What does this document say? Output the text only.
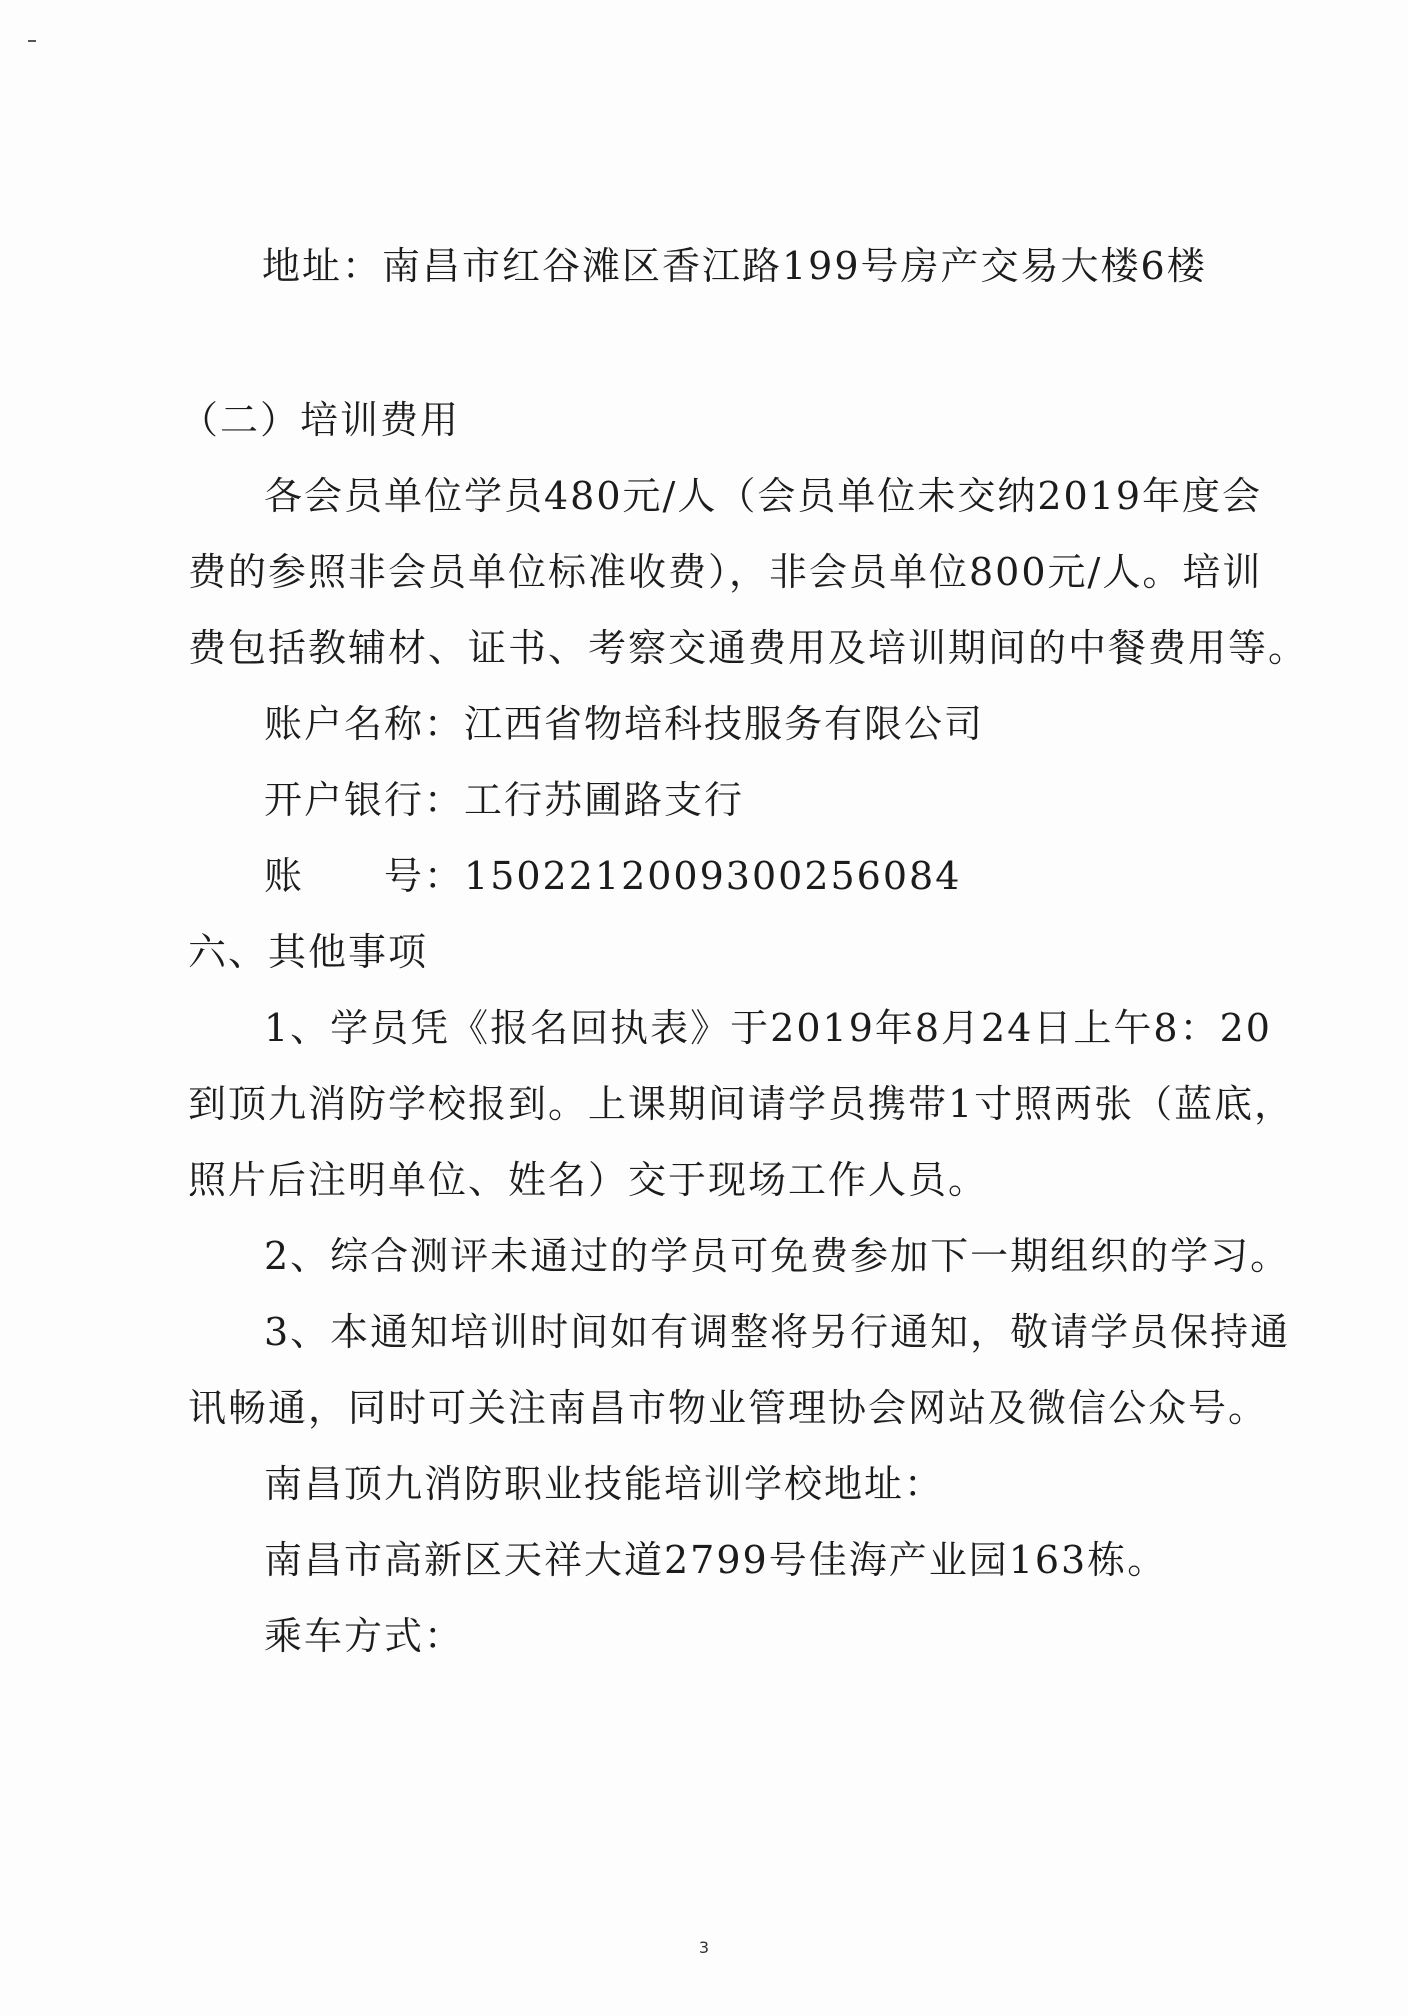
地址：南昌市红谷滩区香江路199号房产交易大楼6楼
（二）培训费用
各会员单位学员480元/人（会员单位未交纳2019年度会
费的参照非会员单位标准收费），非会员单位800元/人。培训
费包括教辅材、证书、考察交通费用及培训期间的中餐费用等。
账户名称：江西省物培科技服务有限公司
开户银行：工行苏圃路支行
账　　号：1502212009300256084
六、其他事项
1、学员凭《报名回执表》于2019年8月24日上午8：20
到顶九消防学校报到。上课期间请学员携带1寸照两张（蓝底，
照片后注明单位、姓名）交于现场工作人员。
2、综合测评未通过的学员可免费参加下一期组织的学习。
3、本通知培训时间如有调整将另行通知，敬请学员保持通
讯畅通，同时可关注南昌市物业管理协会网站及微信公众号。
南昌顶九消防职业技能培训学校地址：
南昌市高新区天祥大道2799号佳海产业园163栋。
乘车方式：
3
